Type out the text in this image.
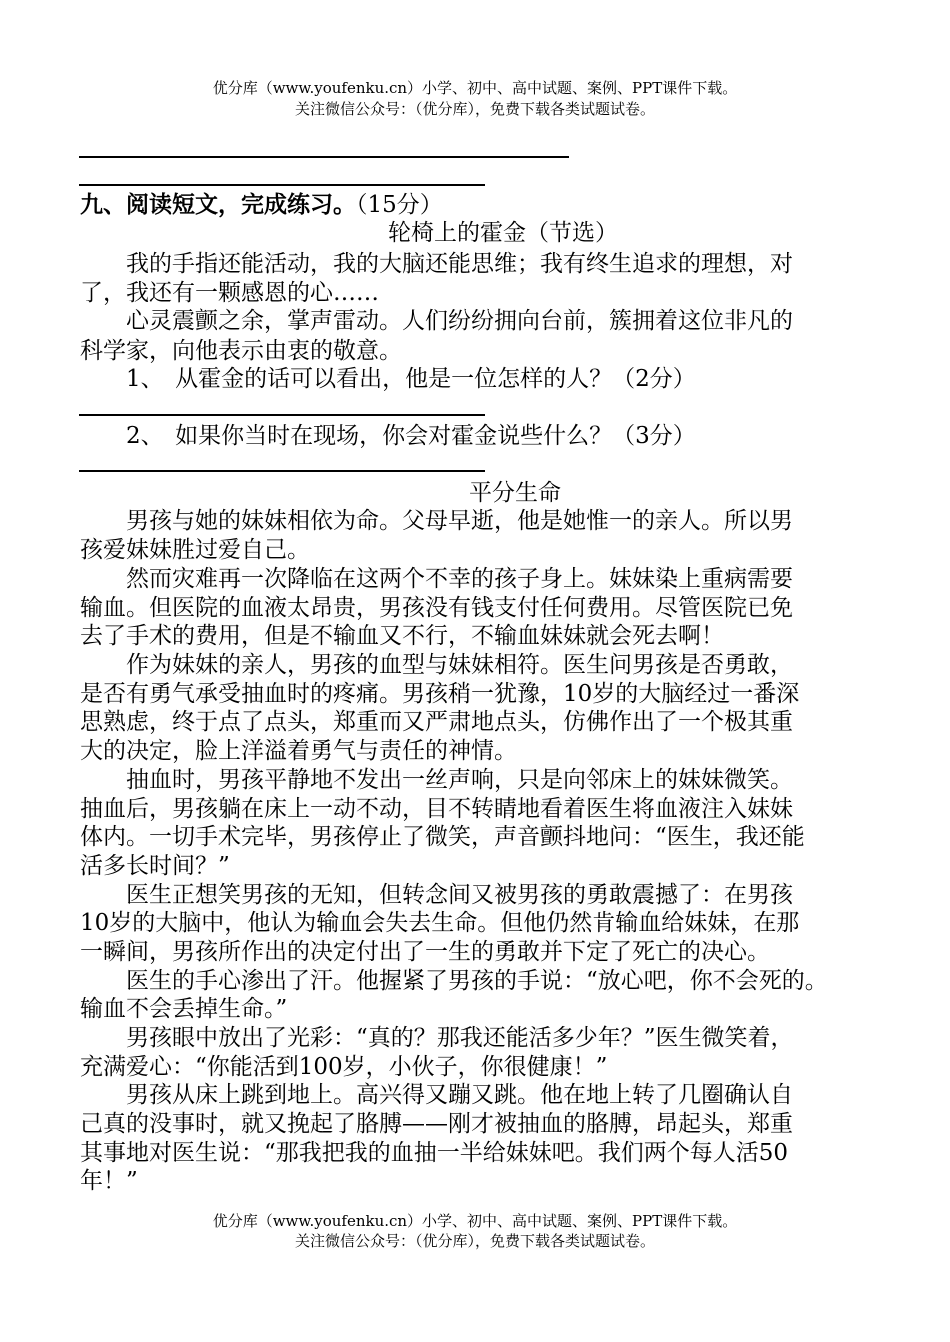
优分库（www.youfenku.cn）小学、初中、高中试题、案例、PPT课件下载。
关注微信公众号：（优分库），免费下载各类试题试卷。
九、阅读短文，完成练习。（15分）
轮椅上的霍金（节选）
　　我的手指还能活动，我的大脑还能思维；我有终生追求的理想，对
了，我还有一颗感恩的心……
　　心灵震颤之余，掌声雷动。人们纷纷拥向台前，簇拥着这位非凡的
科学家，向他表示由衷的敬意。
　　1、　从霍金的话可以看出，他是一位怎样的人？（2分）
　　2、　如果你当时在现场，你会对霍金说些什么？（3分）
平分生命
　　男孩与她的妹妹相依为命。父母早逝，他是她惟一的亲人。所以男
孩爱妹妹胜过爱自己。
　　然而灾难再一次降临在这两个不幸的孩子身上。妹妹染上重病需要
输血。但医院的血液太昂贵，男孩没有钱支付任何费用。尽管医院已免
去了手术的费用，但是不输血又不行，不输血妹妹就会死去啊！
　　作为妹妹的亲人，男孩的血型与妹妹相符。医生问男孩是否勇敢，
是否有勇气承受抽血时的疼痛。男孩稍一犹豫，10岁的大脑经过一番深
思熟虑，终于点了点头，郑重而又严肃地点头，仿佛作出了一个极其重
大的决定，脸上洋溢着勇气与责任的神情。
　　抽血时，男孩平静地不发出一丝声响，只是向邻床上的妹妹微笑。
抽血后，男孩躺在床上一动不动，目不转睛地看着医生将血液注入妹妹
体内。一切手术完毕，男孩停止了微笑，声音颤抖地问：“医生，我还能
活多长时间？”
　　医生正想笑男孩的无知，但转念间又被男孩的勇敢震撼了：在男孩
10岁的大脑中，他认为输血会失去生命。但他仍然肯输血给妹妹，在那
一瞬间，男孩所作出的决定付出了一生的勇敢并下定了死亡的决心。
　　医生的手心渗出了汗。他握紧了男孩的手说：“放心吧，你不会死的。
输血不会丢掉生命。”
　　男孩眼中放出了光彩：“真的？那我还能活多少年？”医生微笑着，
充满爱心：“你能活到100岁，小伙子，你很健康！”
　　男孩从床上跳到地上。高兴得又蹦又跳。他在地上转了几圈确认自
己真的没事时，就又挽起了胳膊——刚才被抽血的胳膊，昂起头，郑重
其事地对医生说：“那我把我的血抽一半给妹妹吧。我们两个每人活50
年！”
优分库（www.youfenku.cn）小学、初中、高中试题、案例、PPT课件下载。
关注微信公众号：（优分库），免费下载各类试题试卷。
